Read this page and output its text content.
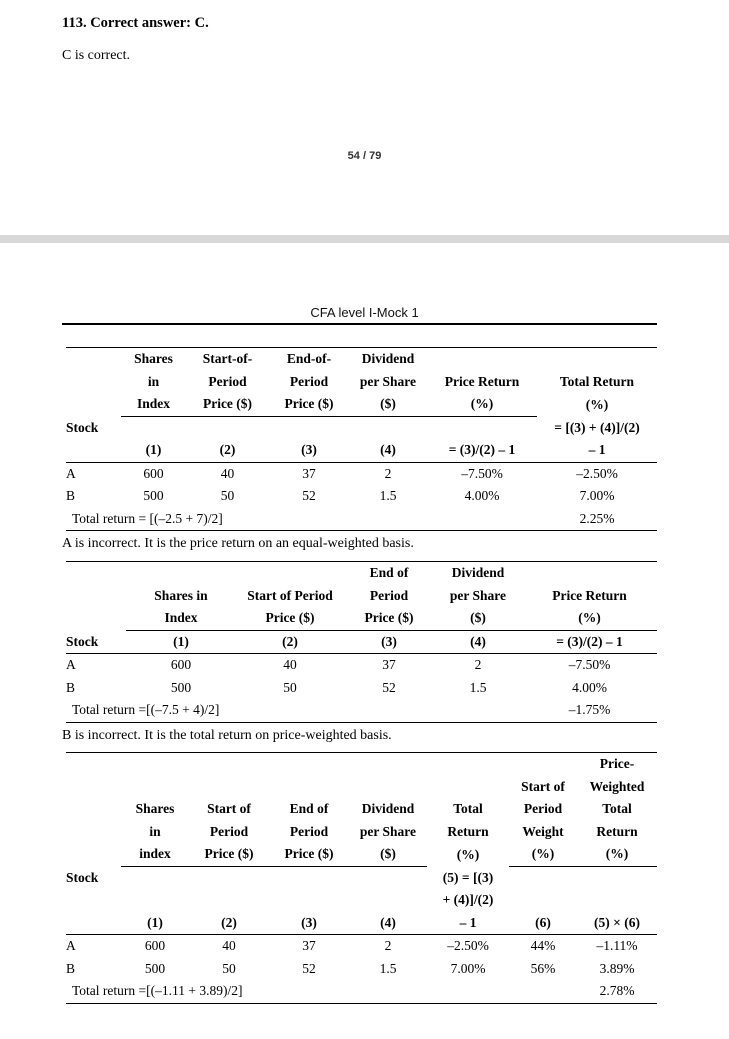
113. Correct answer: C.
C is correct.
54 / 79
CFA level I-Mock 1
	Shares	Start-of-	End-of-	Dividend		
	in	Period	Period	per Share	Price Return	Total Return
	Index	Price ($)	Price ($)	($)	(%)	(%)
Stock						= [(3) + (4)]/(2)
	(1)	(2)	(3)	(4)	= (3)/(2) – 1	– 1
A	600	40	37	2	–7.50%	–2.50%
B	500	50	52	1.5	4.00%	7.00%
Total return = [(–2.5 + 7)/2]						2.25%
A is incorrect. It is the price return on an equal-weighted basis.
			End of	Dividend	
	Shares in	Start of Period	Period	per Share	Price Return
	Index	Price ($)	Price ($)	($)	(%)
Stock	(1)	(2)	(3)	(4)	= (3)/(2) – 1
A	600	40	37	2	–7.50%
B	500	50	52	1.5	4.00%
Total return =[(–7.5 + 4)/2]					–1.75%
B is incorrect. It is the total return on price-weighted basis.
							Price-
						Start of	Weighted
	Shares	Start of	End of	Dividend	Total	Period	Total
	in	Period	Period	per Share	Return	Weight	Return
	index	Price ($)	Price ($)	($)	(%)	(%)	(%)
Stock					(5) = [(3)		
					+ (4)]/(2)		
	(1)	(2)	(3)	(4)	– 1	(6)	(5) × (6)
A	600	40	37	2	–2.50%	44%	–1.11%
B	500	50	52	1.5	7.00%	56%	3.89%
Total return =[(–1.11 + 3.89)/2]							2.78%
